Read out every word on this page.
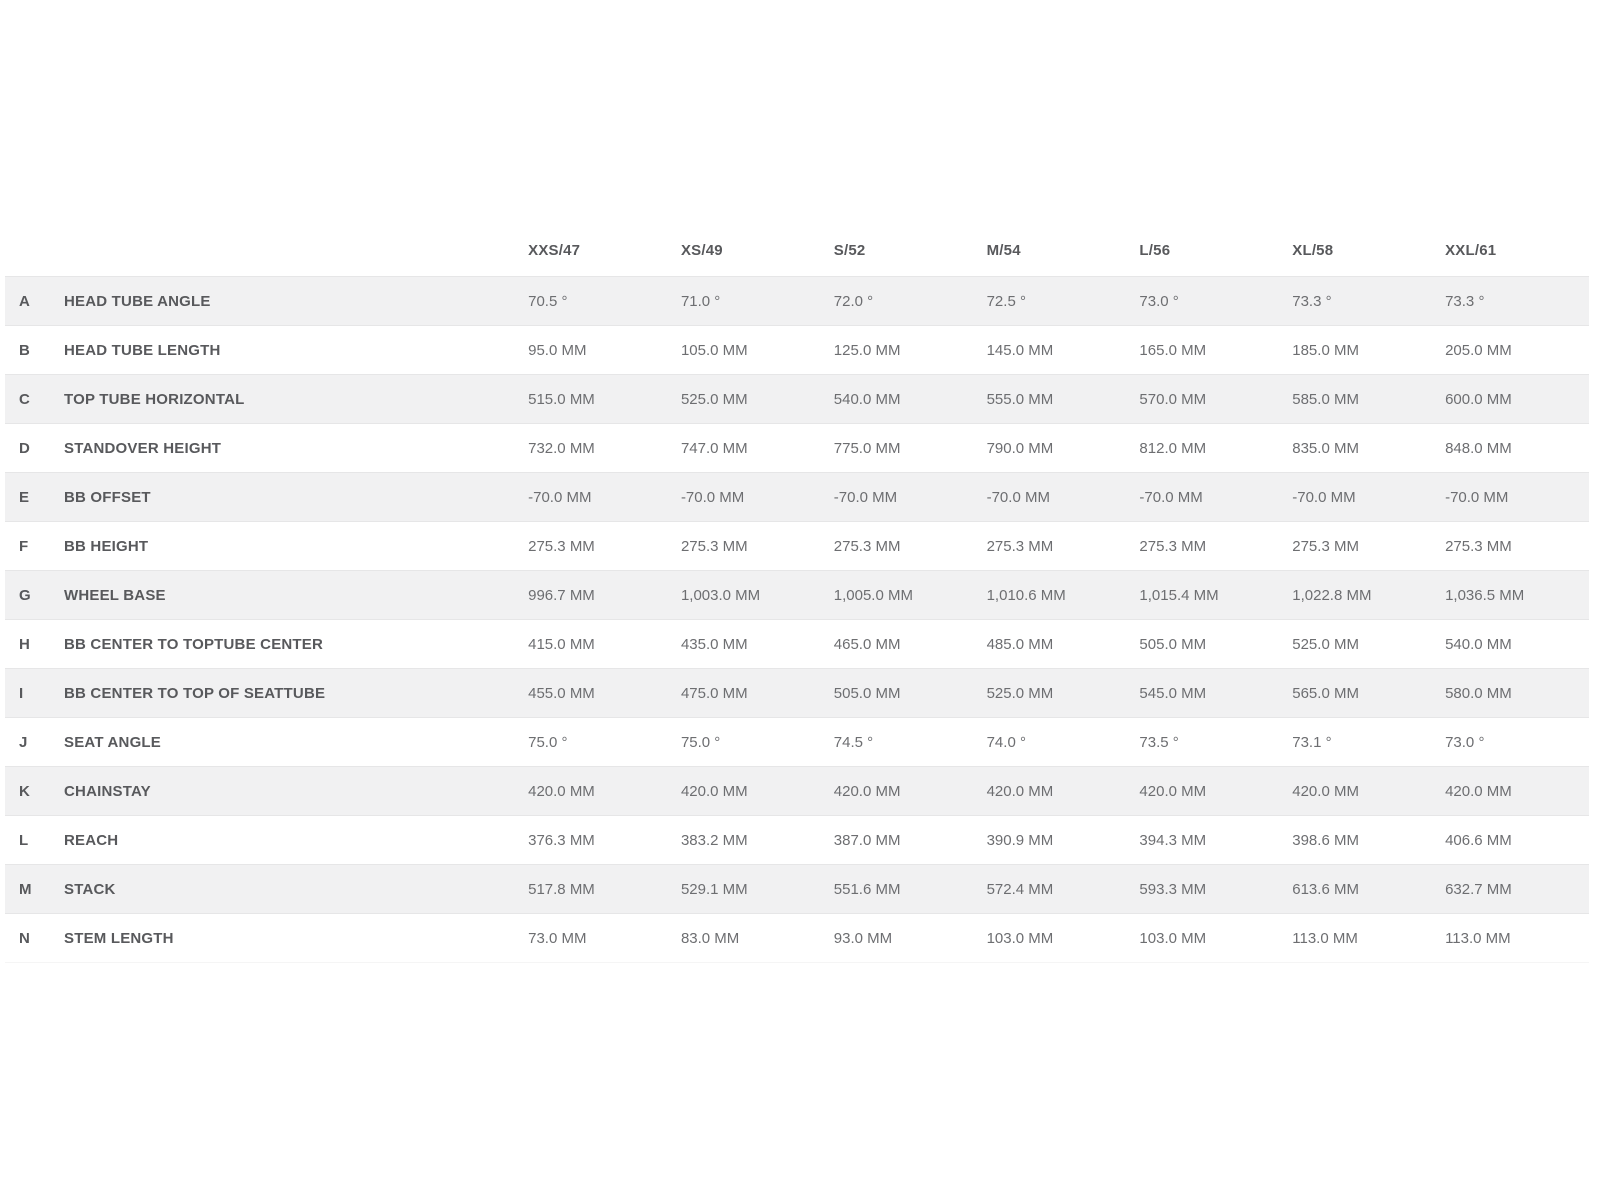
		XXS/47	XS/49	S/52	M/54	L/56	XL/58	XXL/61
A	HEAD TUBE ANGLE	70.5 °	71.0 °	72.0 °	72.5 °	73.0 °	73.3 °	73.3 °
B	HEAD TUBE LENGTH	95.0 MM	105.0 MM	125.0 MM	145.0 MM	165.0 MM	185.0 MM	205.0 MM
C	TOP TUBE HORIZONTAL	515.0 MM	525.0 MM	540.0 MM	555.0 MM	570.0 MM	585.0 MM	600.0 MM
D	STANDOVER HEIGHT	732.0 MM	747.0 MM	775.0 MM	790.0 MM	812.0 MM	835.0 MM	848.0 MM
E	BB OFFSET	-70.0 MM	-70.0 MM	-70.0 MM	-70.0 MM	-70.0 MM	-70.0 MM	-70.0 MM
F	BB HEIGHT	275.3 MM	275.3 MM	275.3 MM	275.3 MM	275.3 MM	275.3 MM	275.3 MM
G	WHEEL BASE	996.7 MM	1,003.0 MM	1,005.0 MM	1,010.6 MM	1,015.4 MM	1,022.8 MM	1,036.5 MM
H	BB CENTER TO TOPTUBE CENTER	415.0 MM	435.0 MM	465.0 MM	485.0 MM	505.0 MM	525.0 MM	540.0 MM
I	BB CENTER TO TOP OF SEATTUBE	455.0 MM	475.0 MM	505.0 MM	525.0 MM	545.0 MM	565.0 MM	580.0 MM
J	SEAT ANGLE	75.0 °	75.0 °	74.5 °	74.0 °	73.5 °	73.1 °	73.0 °
K	CHAINSTAY	420.0 MM	420.0 MM	420.0 MM	420.0 MM	420.0 MM	420.0 MM	420.0 MM
L	REACH	376.3 MM	383.2 MM	387.0 MM	390.9 MM	394.3 MM	398.6 MM	406.6 MM
M	STACK	517.8 MM	529.1 MM	551.6 MM	572.4 MM	593.3 MM	613.6 MM	632.7 MM
N	STEM LENGTH	73.0 MM	83.0 MM	93.0 MM	103.0 MM	103.0 MM	113.0 MM	113.0 MM
